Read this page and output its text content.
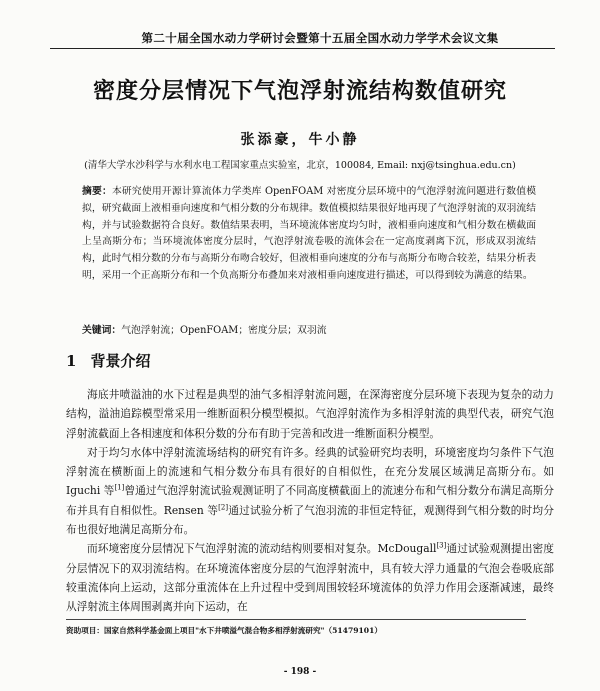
第二十届全国水动力学研讨会暨第十五届全国水动力学学术会议文集
密度分层情况下气泡浮射流结构数值研究
张添豪，牛小静
(清华大学水沙科学与水利水电工程国家重点实验室，北京，100084, Email: nxj@tsinghua.edu.cn)

摘要：本研究使用开源计算流体力学类库 OpenFOAM 对密度分层环境中的气泡浮射流问题进行数值模拟，研究截面上液相垂向速度和气相分数的分布规律。数值模拟结果很好地再现了气泡浮射流的双羽流结构，并与试验数据符合良好。数值结果表明，当环境流体密度均匀时，液相垂向速度和气相分数在横截面上呈高斯分布；当环境流体密度分层时，气泡浮射流卷吸的流体会在一定高度剥离下沉，形成双羽流结构，此时气相分数的分布与高斯分布吻合较好，但液相垂向速度的分布与高斯分布吻合较差，结果分析表明，采用一个正高斯分布和一个负高斯分布叠加来对液相垂向速度进行描述，可以得到较为满意的结果。

关键词：气泡浮射流；OpenFOAM；密度分层；双羽流

1 背景介绍

海底井喷溢油的水下过程是典型的油气多相浮射流问题，在深海密度分层环境下表现为复杂的动力结构，溢油追踪模型常采用一维断面积分模型模拟。气泡浮射流作为多相浮射流的典型代表，研究气泡浮射流截面上各相速度和体积分数的分布有助于完善和改进一维断面积分模型。

对于均匀水体中浮射流流场结构的研究有许多。经典的试验研究均表明，环境密度均匀条件下气泡浮射流在横断面上的流速和气相分数分布具有很好的自相似性，在充分发展区域满足高斯分布。如 Iguchi 等[1]曾通过气泡浮射流试验观测证明了不同高度横截面上的流速分布和气相分数分布满足高斯分布并具有自相似性。Rensen 等[2]通过试验分析了气泡羽流的非恒定特征，观测得到气相分数的时均分布也很好地满足高斯分布。

而环境密度分层情况下气泡浮射流的流动结构则要相对复杂。McDougall[3]通过试验观测提出密度分层情况下的双羽流结构。在环境流体密度分层的气泡浮射流中，具有较大浮力通量的气泡会卷吸底部较重流体向上运动，这部分重流体在上升过程中受到周围较轻环境流体的负浮力作用会逐渐减速，最终从浮射流主体周围剥离并向下运动，在

资助项目：国家自然科学基金面上项目"水下井喷溢气混合物多相浮射流研究"（51479101）
- 198 -
